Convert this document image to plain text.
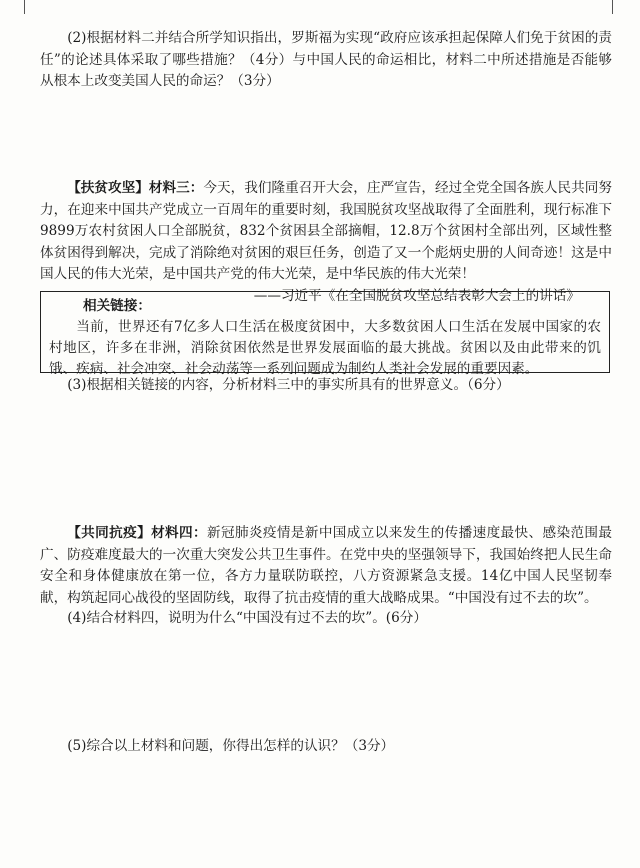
(2)根据材料二并结合所学知识指出，罗斯福为实现“政府应该承担起保障人们免于贫困的责任”的论述具体采取了哪些措施？（4分）与中国人民的命运相比，材料二中所述措施是否能够从根本上改变美国人民的命运？（3分）

【扶贫攻坚】材料三：今天，我们隆重召开大会，庄严宣告，经过全党全国各族人民共同努力，在迎来中国共产党成立一百周年的重要时刻，我国脱贫攻坚战取得了全面胜利，现行标准下9899万农村贫困人口全部脱贫，832个贫困县全部摘帽，12.8万个贫困村全部出列，区域性整体贫困得到解决，完成了消除绝对贫困的艰巨任务，创造了又一个彪炳史册的人间奇迹！这是中国人民的伟大光荣，是中国共产党的伟大光荣，是中华民族的伟大光荣！

——习近平《在全国脱贫攻坚总结表彰大会上的讲话》

相关链接：

当前，世界还有7亿多人口生活在极度贫困中，大多数贫困人口生活在发展中国家的农村地区，许多在非洲，消除贫困依然是世界发展面临的最大挑战。贫困以及由此带来的饥饿、疾病、社会冲突、社会动荡等一系列问题成为制约人类社会发展的重要因素。

(3)根据相关链接的内容，分析材料三中的事实所具有的世界意义。（6分）

【共同抗疫】材料四：新冠肺炎疫情是新中国成立以来发生的传播速度最快、感染范围最广、防疫难度最大的一次重大突发公共卫生事件。在党中央的坚强领导下，我国始终把人民生命安全和身体健康放在第一位，各方力量联防联控，八方资源紧急支援。14亿中国人民坚韧奉献，构筑起同心战役的坚固防线，取得了抗击疫情的重大战略成果。“中国没有过不去的坎”。

(4)结合材料四，说明为什么“中国没有过不去的坎”。(6分）

(5)综合以上材料和问题，你得出怎样的认识？（3分）
